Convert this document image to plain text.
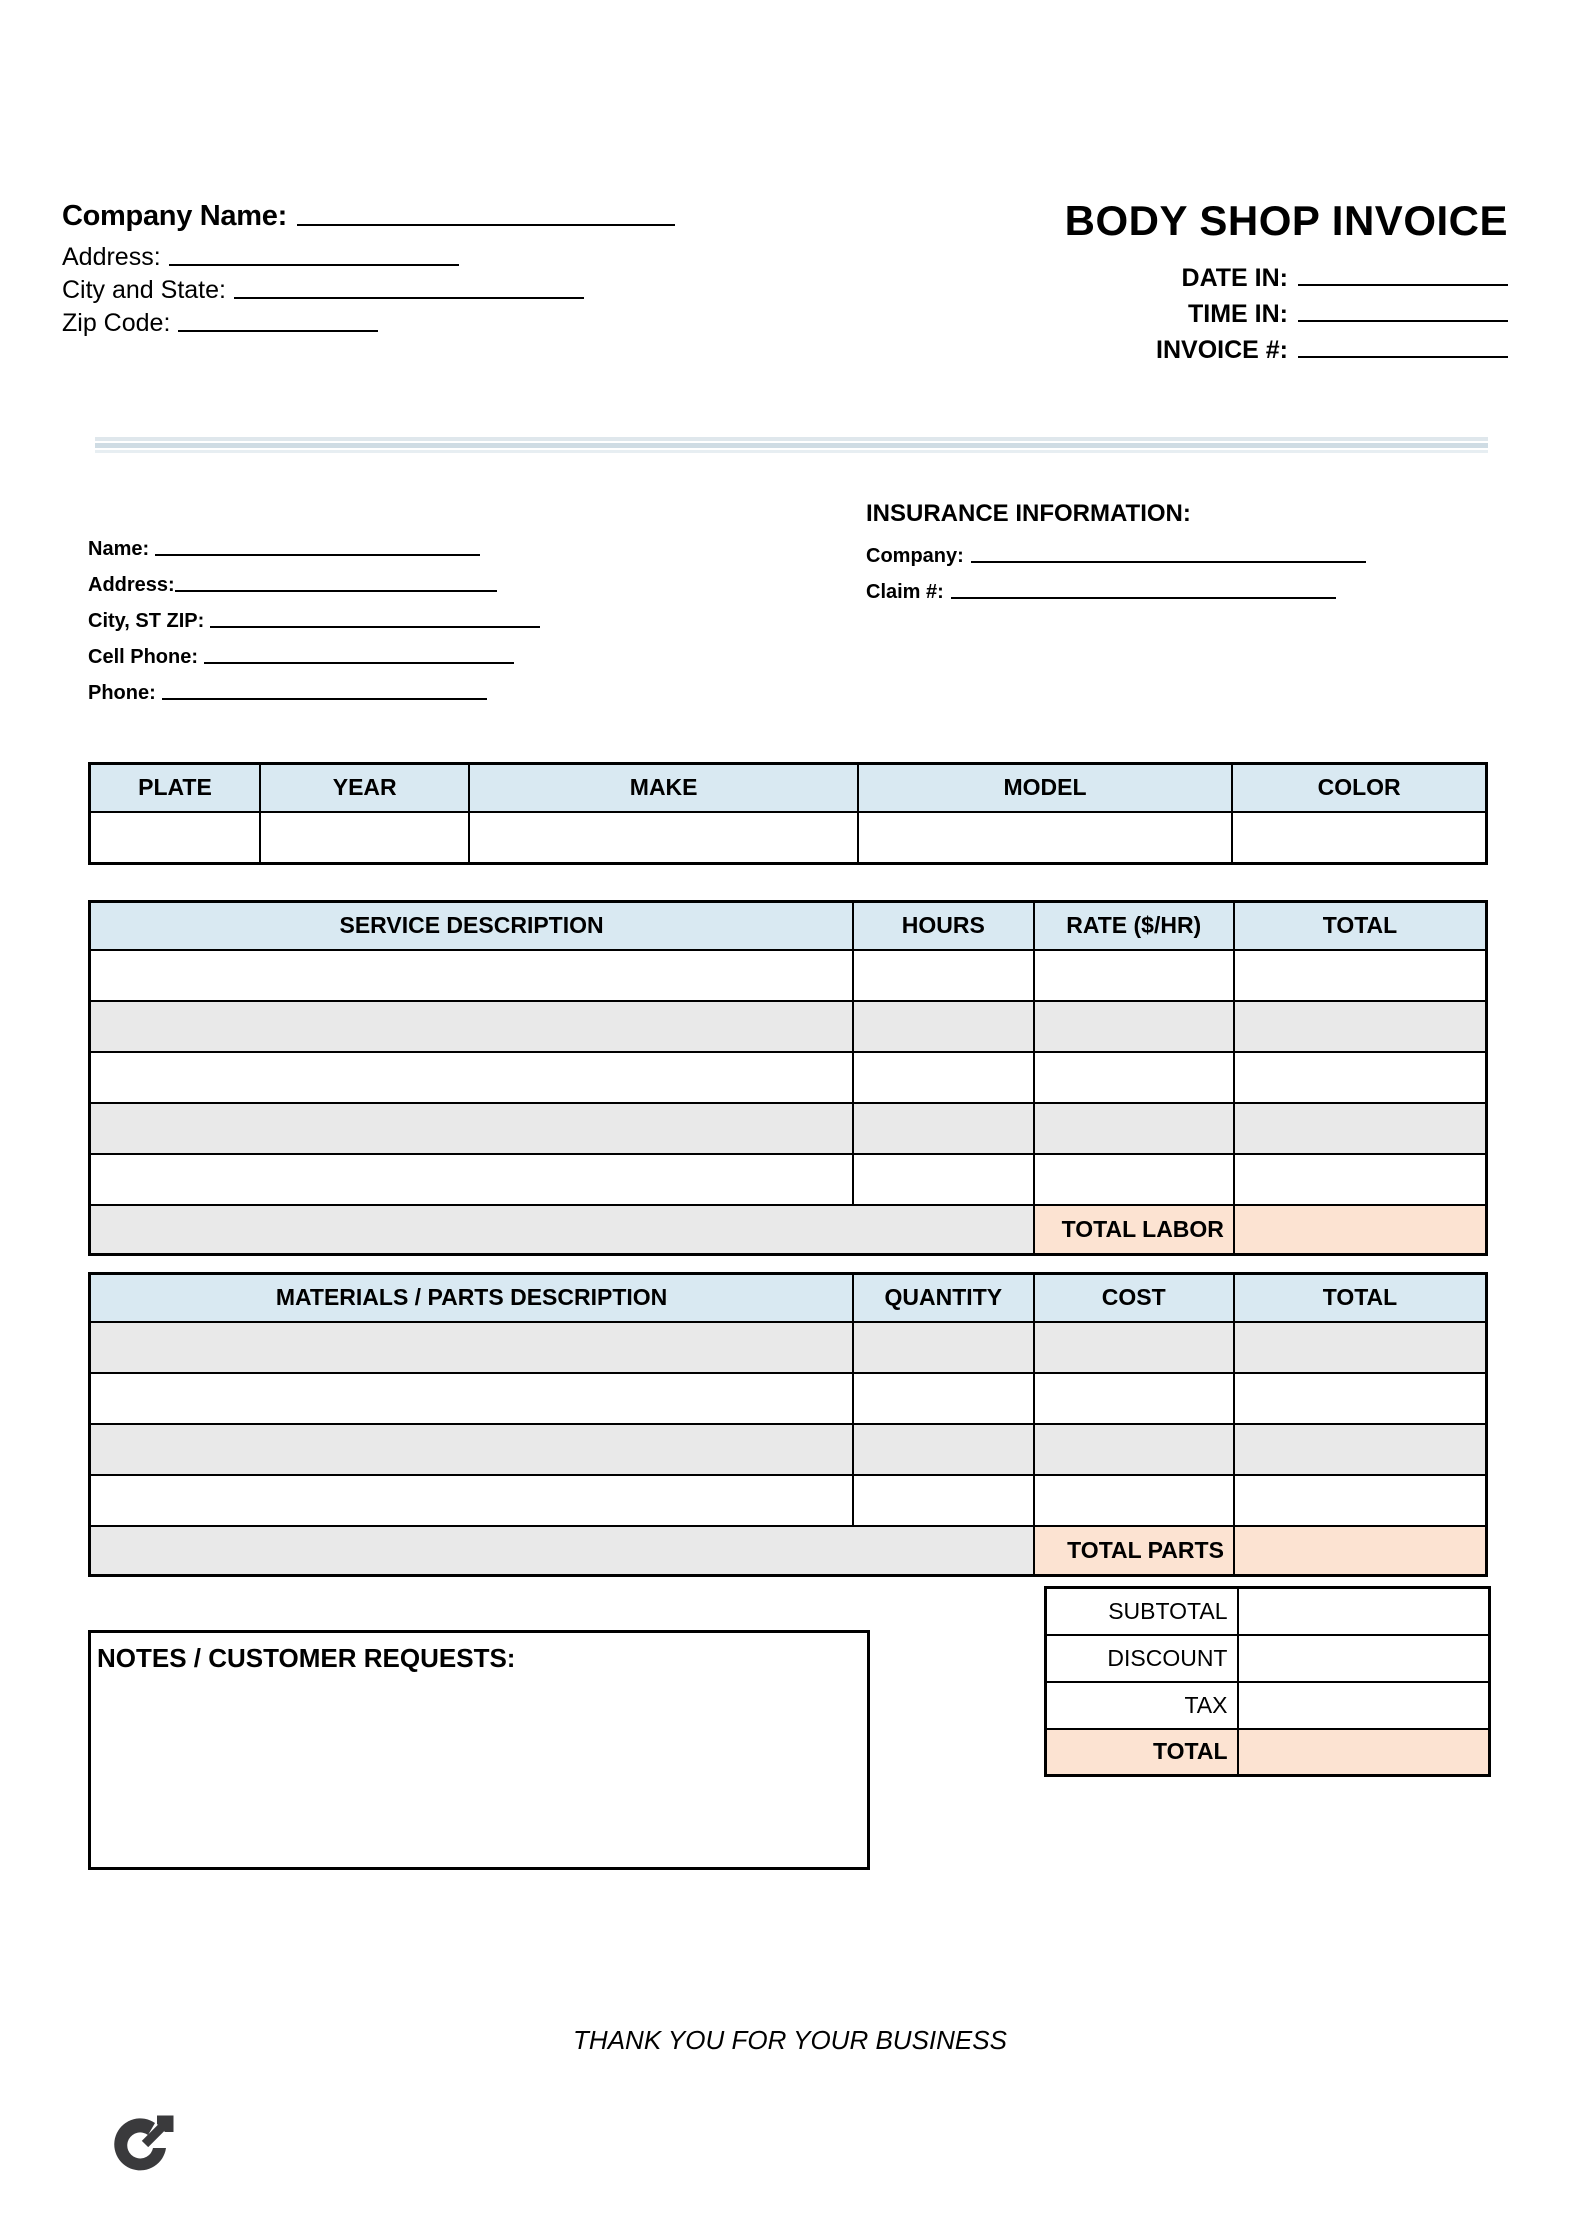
Company Name:
Address:
City and State:
Zip Code:
BODY SHOP INVOICE
DATE IN:
TIME IN:
INVOICE #:
Name:
Address:
City, ST ZIP:
Cell Phone:
Phone:
INSURANCE INFORMATION:
Company:
Claim #:
PLATE	YEAR	MAKE	MODEL	COLOR

SERVICE DESCRIPTION	HOURS	RATE ($/HR)	TOTAL

		TOTAL LABOR	
MATERIALS / PARTS DESCRIPTION	QUANTITY	COST	TOTAL

		TOTAL PARTS	
SUBTOTAL	
DISCOUNT	
TAX	
TOTAL	
NOTES / CUSTOMER REQUESTS:
THANK YOU FOR YOUR BUSINESS
